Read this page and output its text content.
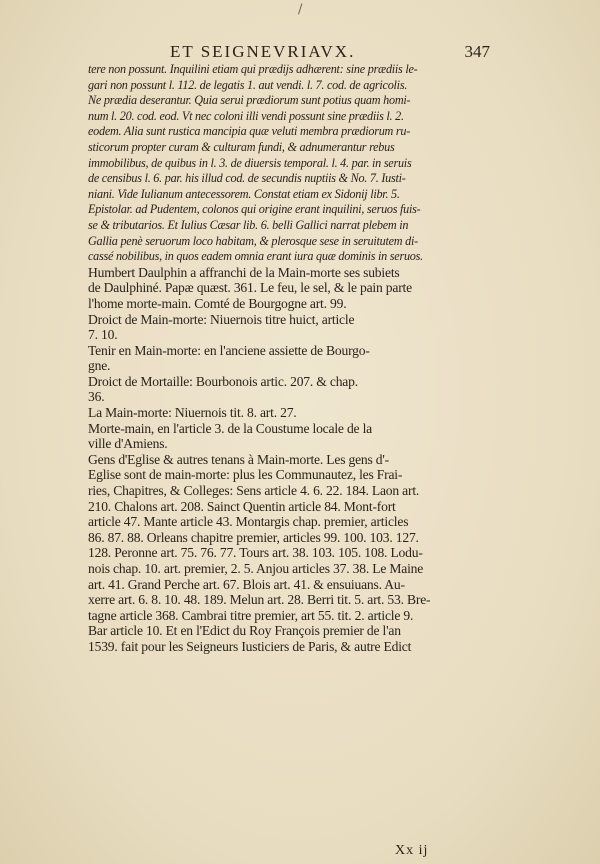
/
ET SEIGNEVRIAVX.	347
tere non possunt. Inquilini etiam qui prædijs adhærent: sine prædiis le-
gari non possunt l. 112. de legatis 1. aut vendi. l. 7. cod. de agricolis.
Ne prædia deserantur. Quia serui prædiorum sunt potius quam homi-
num l. 20. cod. eod. Vt nec coloni illi vendi possunt sine prædiis l. 2.
eodem. Alia sunt rustica mancipia quæ veluti membra prædiorum ru-
sticorum propter curam & culturam fundi, & adnumerantur rebus
immobilibus, de quibus in l. 3. de diuersis temporal. l. 4. par. in seruis
de censibus l. 6. par. his illud cod. de secundis nuptiis & No. 7. Iusti-
niani. Vide Iulianum antecessorem. Constat etiam ex Sidonij libr. 5.
Epistolar. ad Pudentem, colonos qui origine erant inquilini, seruos fuis-
se & tributarios. Et Iulius Cæsar lib. 6. belli Gallici narrat plebem in
Gallia penè seruorum loco habitam, & plerosque sese in seruitutem di-
cassé nobilibus, in quos eadem omnia erant iura quæ dominis in seruos.
Humbert Daulphin a affranchi de la Main-morte ses subiets
de Daulphiné. Papæ quæst. 361. Le feu, le sel, & le pain parte
l'home morte-main. Comté de Bourgogne art. 99.
Droict de Main-morte: Niuernois titre huict, article
7. 10.
Tenir en Main-morte: en l'anciene assiette de Bourgo-
gne.
Droict de Mortaille: Bourbonois artic. 207. & chap.
36.
La Main-morte: Niuernois tit. 8. art. 27.
Morte-main, en l'article 3. de la Coustume locale de la
ville d'Amiens.
Gens d'Eglise & autres tenans à Main-morte. Les gens d'-
Eglise sont de main-morte: plus les Communautez, les Frai-
ries, Chapitres, & Colleges: Sens article 4. 6. 22. 184. Laon art.
210. Chalons art. 208. Sainct Quentin article 84. Mont-fort
article 47. Mante article 43. Montargis chap. premier, articles
86. 87. 88. Orleans chapitre premier, articles 99. 100. 103. 127.
128. Peronne art. 75. 76. 77. Tours art. 38. 103. 105. 108. Lodu-
nois chap. 10. art. premier, 2. 5. Anjou articles 37. 38. Le Maine
art. 41. Grand Perche art. 67. Blois art. 41. & ensuiuans. Au-
xerre art. 6. 8. 10. 48. 189. Melun art. 28. Berri tit. 5. art. 53. Bre-
tagne article 368. Cambrai titre premier, art 55. tit. 2. article 9.
Bar article 10. Et en l'Edict du Roy François premier de l'an
1539. fait pour les Seigneurs Iusticiers de Paris, & autre Edict
Xx ij
